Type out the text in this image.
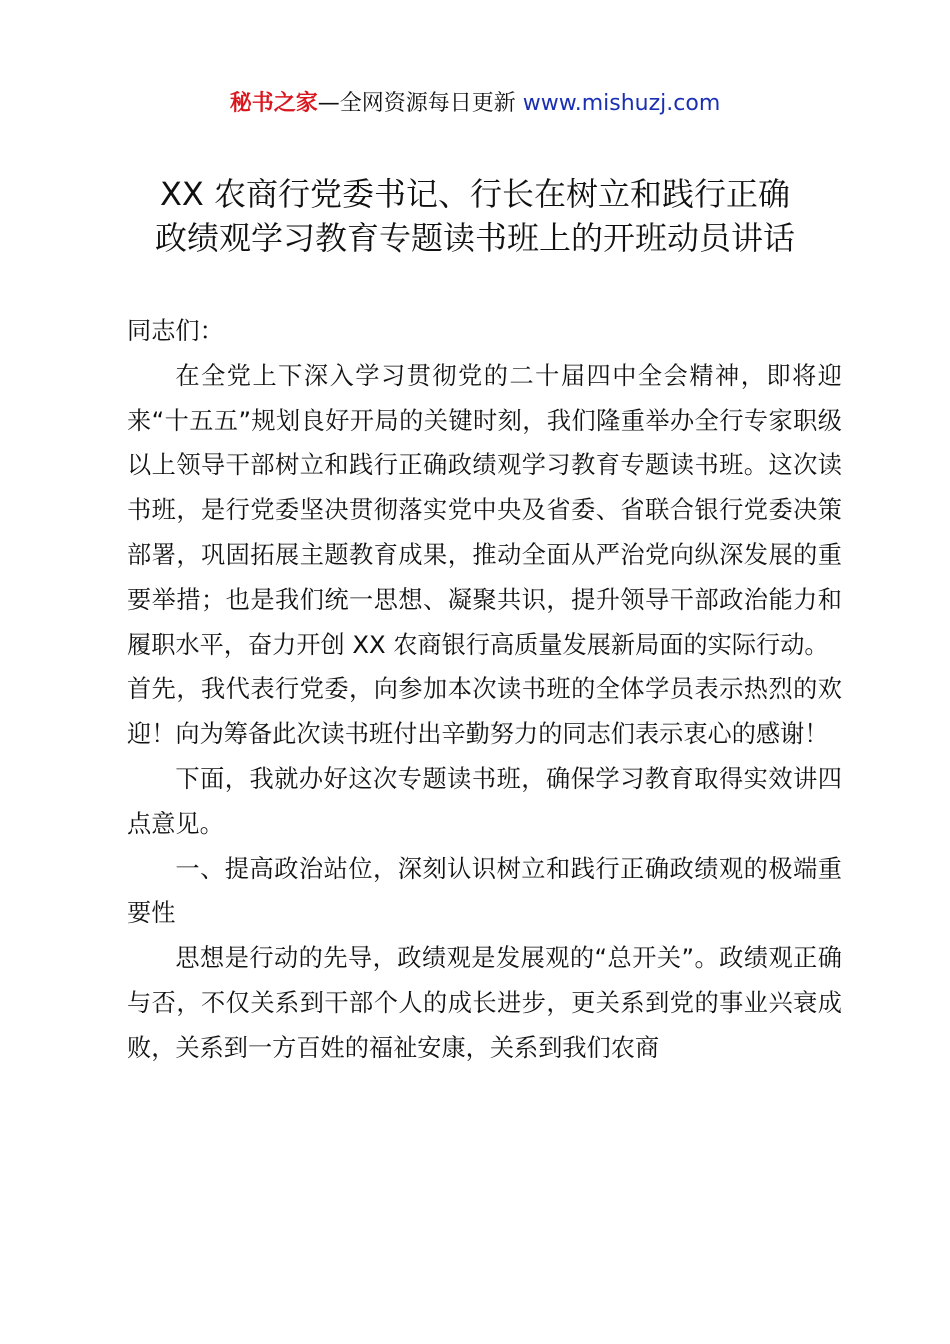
秘书之家—全网资源每日更新 www.mishuzj.com
XX 农商行党委书记、行长在树立和践行正确
政绩观学习教育专题读书班上的开班动员讲话

同志们：

在全党上下深入学习贯彻党的二十届四中全会精神，即将迎来“十五五”规划良好开局的关键时刻，我们隆重举办全行专家职级以上领导干部树立和践行正确政绩观学习教育专题读书班。这次读书班，是行党委坚决贯彻落实党中央及省委、省联合银行党委决策部署，巩固拓展主题教育成果，推动全面从严治党向纵深发展的重要举措；也是我们统一思想、凝聚共识，提升领导干部政治能力和履职水平，奋力开创 XX 农商银行高质量发展新局面的实际行动。

首先，我代表行党委，向参加本次读书班的全体学员表示热烈的欢迎！向为筹备此次读书班付出辛勤努力的同志们表示衷心的感谢！

下面，我就办好这次专题读书班，确保学习教育取得实效讲四点意见。

一、提高政治站位，深刻认识树立和践行正确政绩观的极端重要性

思想是行动的先导，政绩观是发展观的“总开关”。政绩观正确与否，不仅关系到干部个人的成长进步，更关系到党的事业兴衰成败，关系到一方百姓的福祉安康，关系到我们农商
